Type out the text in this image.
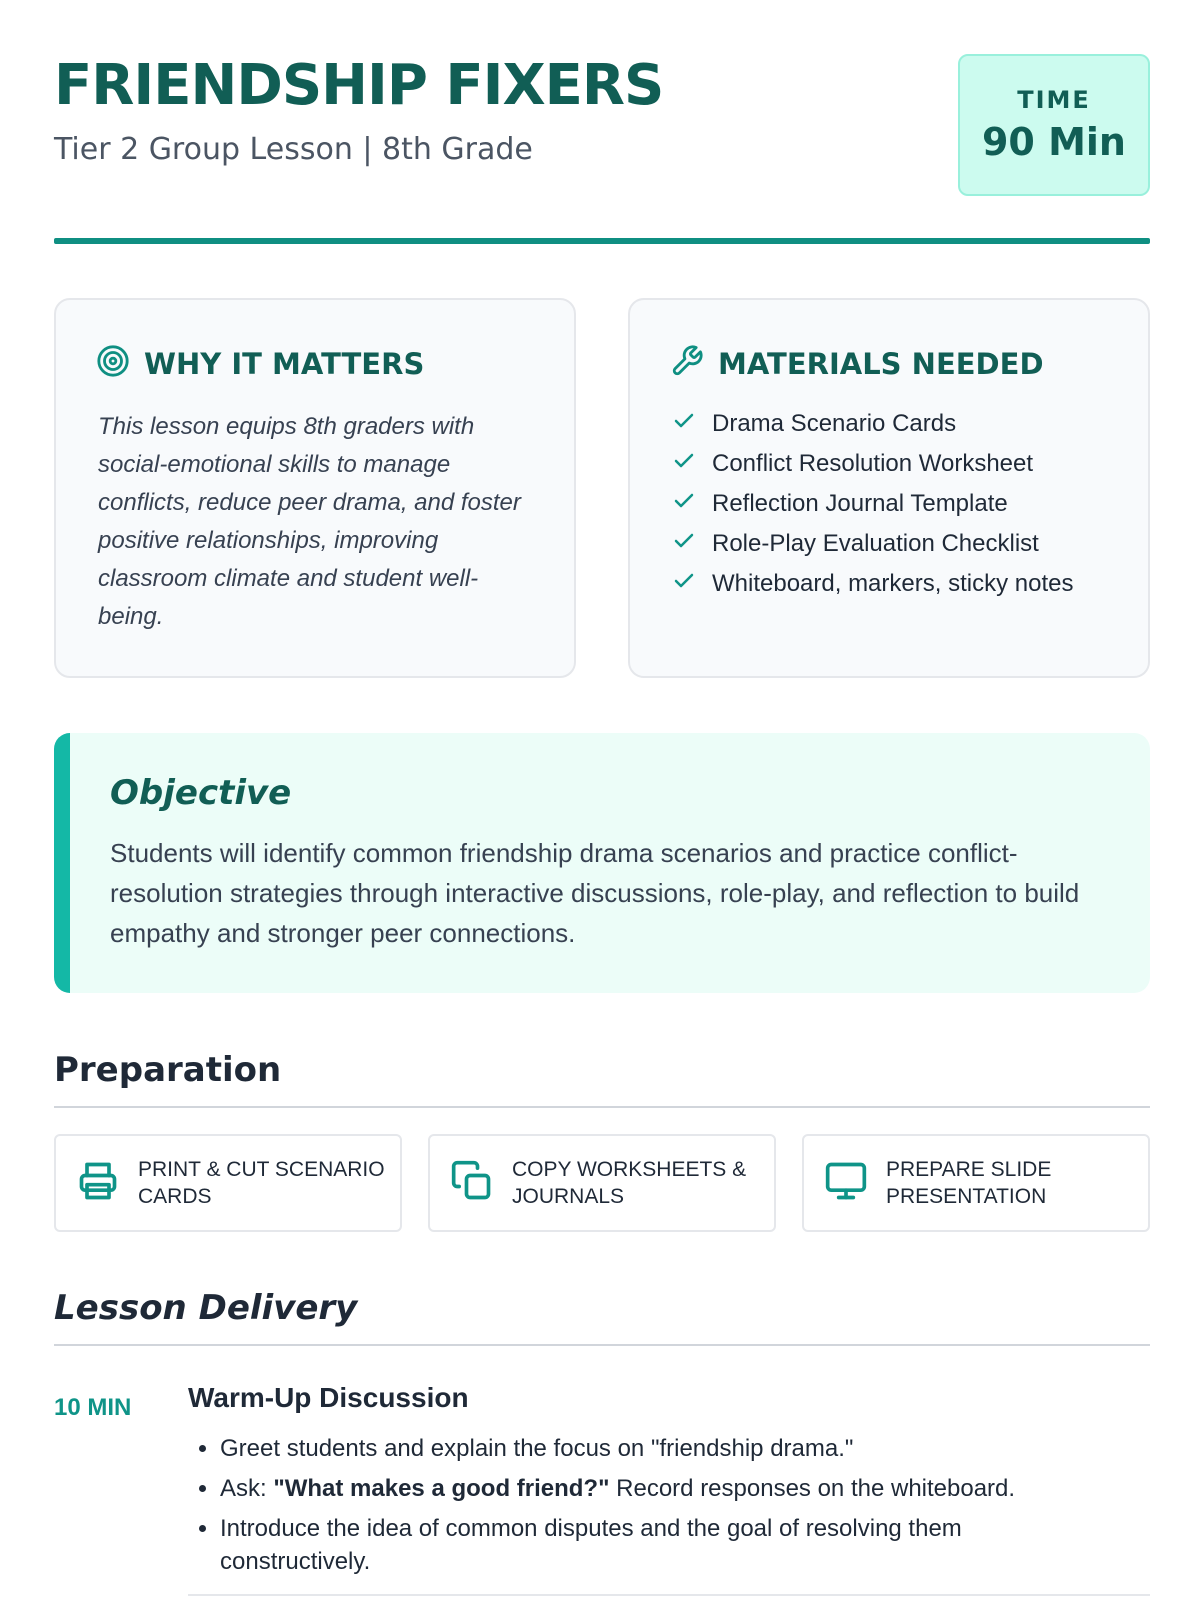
FRIENDSHIP FIXERS
Tier 2 Group Lesson | 8th Grade
TIME
90 Min
WHY IT MATTERS

This lesson equips 8th graders with social-emotional skills to manage conflicts, reduce peer drama, and foster positive relationships, improving classroom climate and student well-being.

MATERIALS NEEDED
Drama Scenario Cards
Conflict Resolution Worksheet
Reflection Journal Template
Role-Play Evaluation Checklist
Whiteboard, markers, sticky notes
Objective

Students will identify common friendship drama scenarios and practice conflict-resolution strategies through interactive discussions, role-play, and reflection to build empathy and stronger peer connections.

Preparation
PRINT & CUT SCENARIO CARDS
COPY WORKSHEETS & JOURNALS
PREPARE SLIDE PRESENTATION
Lesson Delivery
10 MIN Warm-Up Discussion
• Greet students and explain the focus on "friendship drama."
• Ask: "What makes a good friend?" Record responses on the whiteboard.
• Introduce the idea of common disputes and the goal of resolving them constructively.
